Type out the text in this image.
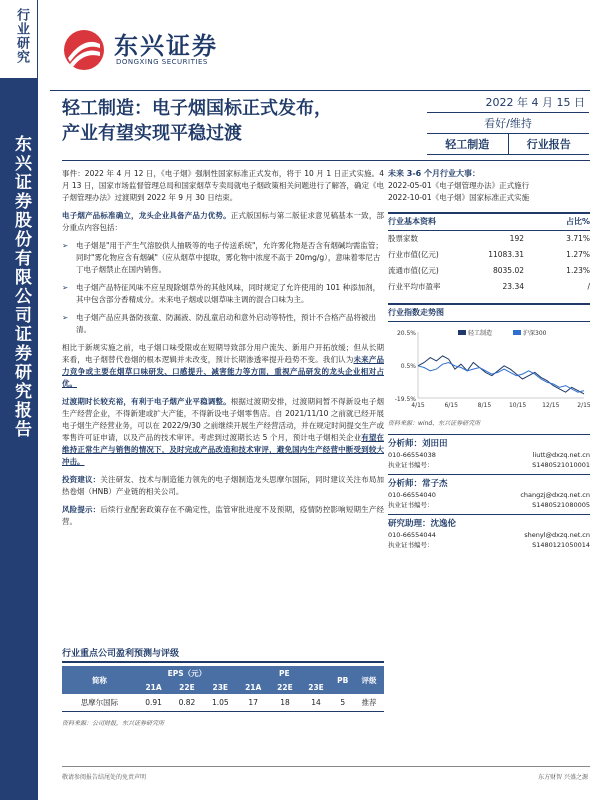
行业研究
东兴证券股份有限公司证券研究报告
东兴证券
DONGXING SECURITIES
轻工制造：电子烟国标正式发布，
产业有望实现平稳过渡
2022 年 4 月 15 日
看好/维持
轻工制造	行业报告

事件：2022 年 4 月 12 日，《电子烟》强制性国家标准正式发布，将于 10 月 1 日正式实施。4 月 13 日，国家市场监督管理总局和国家烟草专卖局就电子烟政策相关问题进行了解答，确定《电子烟管理办法》过渡期到 2022 年 9 月 30 日结束。

电子烟产品标准确立，龙头企业具备产品力优势。正式版国标与第二版征求意见稿基本一致，部分重点内容包括：

➢	电子烟是"用于产生气溶胶供人抽吸等的电子传送系统"，允许雾化物是否含有烟碱均需监管；同时"雾化物应含有烟碱"（应从烟草中提取，雾化物中浓度不高于 20mg/g），意味着零尼古丁电子烟禁止在国内销售。
➢	电子烟产品特征风味不应呈现除烟草外的其他风味，同时规定了允许使用的 101 种添加剂，其中包含部分香精成分。未来电子烟或以烟草味主调的混合口味为主。
➢	电子烟产品应具备防孩童、防漏液、防乱童启动和意外启动等特性，预计不合格产品将被出清。

相比于新规实施之前，电子烟口味受限或在短期导致部分用户流失、新用户开拓放缓；但从长期来看，电子烟替代卷烟的根本逻辑并未改变，预计长期渗透率提升趋势不变。我们认为未来产品力竞争或主要在烟草口味研发、口感提升、减害能力等方面，重视产品研发的龙头企业相对占优。

过渡期时长较充裕，有利于电子烟产业平稳调整。根据过渡期安排，过渡期间暂不得新设电子烟生产经营企业，不得新建或扩大产能，不得新设电子烟零售店。自 2021/11/10 之前就已经开展电子烟生产经营业务，可以在 2022/9/30 之前继续开展生产经营活动，并在规定时间提交生产或零售许可证申请，以及产品的技术审评。考虑到过渡期长达 5 个月，预计电子烟相关企业有望在维持正常生产与销售的情况下，及时完成产品改造和技术审评，避免国内生产经营中断受到较大冲击。

投资建议：关注研发、技术与制造能力领先的电子烟制造龙头思摩尔国际，同时建议关注布局加热卷烟（HNB）产业链的相关公司。

风险提示：后续行业配套政策存在不确定性，监管审批进度不及预期，疫情防控影响短期生产经营。

未来 3-6 个月行业大事：
2022-05-01《电子烟管理办法》正式施行
2022-10-01《电子烟》国家标准正式实施
行业基本资料	占比%
股票家数	192	3.71%
行业市值(亿元)	11083.31	1.27%
流通市值(亿元)	8035.02	1.23%
行业平均市盈率	23.34	/
行业指数走势图
20.5%
0.5%
-19.5%
4/15	6/15	8/15	10/15	12/15	2/15
轻工制造	沪深300
资料来源：wind、东兴证券研究所
分析师：刘田田
010-66554038	liutt@dxzq.net.cn
执业证书编号：	S1480521010001
分析师：常子杰
010-66554040	changzj@dxzq.net.cn
执业证书编号：	S1480521080005
研究助理：沈逸伦
010-66554044	shenyl@dxzq.net.cn
执业证书编号：	S1480121050014
行业重点公司盈利预测与评级
简称	EPS（元）			PE			PB	评级
	21A	22E	23E	21A	22E	23E		
思摩尔国际	0.91	0.82	1.05	17	18	14	5	推荐
资料来源：公司财报，东兴证券研究所
敬请参阅报告结尾处的免责声明	东方财智 兴盛之源
